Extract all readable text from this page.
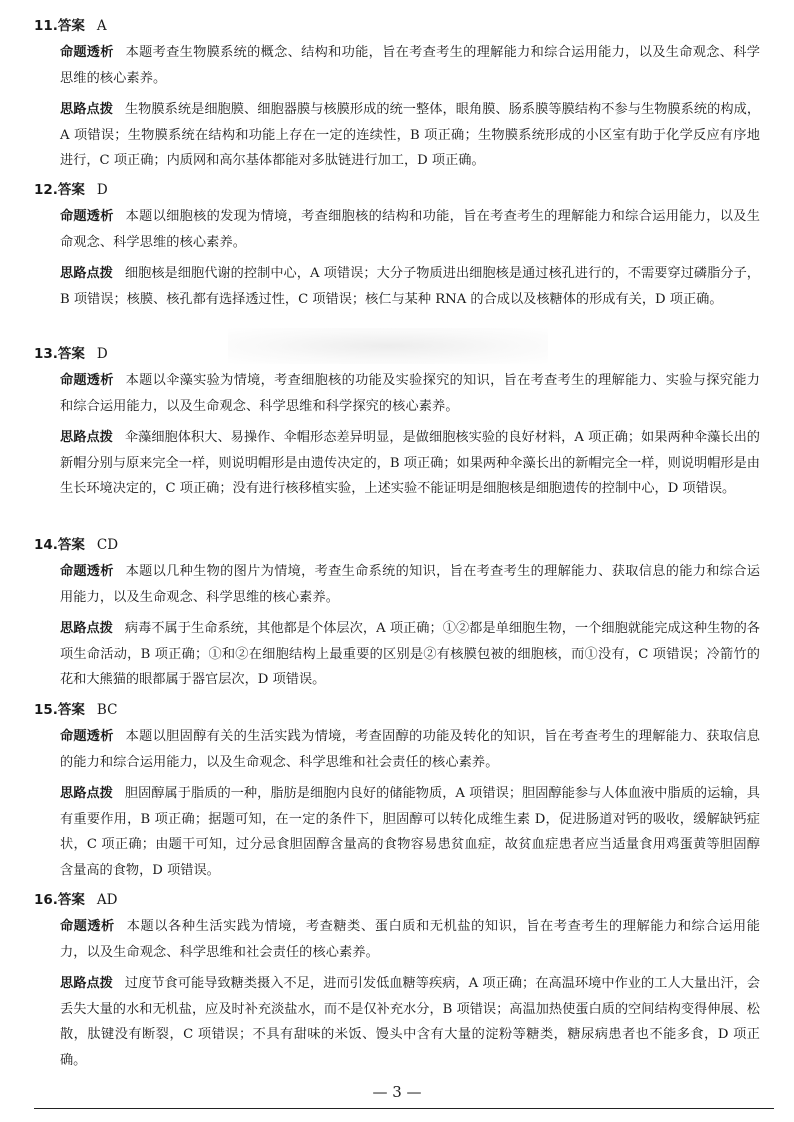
11.答案 A
命题透析 本题考查生物膜系统的概念、结构和功能，旨在考查考生的理解能力和综合运用能力，以及生命观念、科学思维的核心素养。
思路点拨 生物膜系统是细胞膜、细胞器膜与核膜形成的统一整体，眼角膜、肠系膜等膜结构不参与生物膜系统的构成，A 项错误；生物膜系统在结构和功能上存在一定的连续性，B 项正确；生物膜系统形成的小区室有助于化学反应有序地进行，C 项正确；内质网和高尔基体都能对多肽链进行加工，D 项正确。
12.答案 D
命题透析 本题以细胞核的发现为情境，考查细胞核的结构和功能，旨在考查考生的理解能力和综合运用能力，以及生命观念、科学思维的核心素养。
思路点拨 细胞核是细胞代谢的控制中心，A 项错误；大分子物质进出细胞核是通过核孔进行的，不需要穿过磷脂分子，B 项错误；核膜、核孔都有选择透过性，C 项错误；核仁与某种 RNA 的合成以及核糖体的形成有关，D 项正确。
13.答案 D
命题透析 本题以伞藻实验为情境，考查细胞核的功能及实验探究的知识，旨在考查考生的理解能力、实验与探究能力和综合运用能力，以及生命观念、科学思维和科学探究的核心素养。
思路点拨 伞藻细胞体积大、易操作、伞帽形态差异明显，是做细胞核实验的良好材料，A 项正确；如果两种伞藻长出的新帽分别与原来完全一样，则说明帽形是由遗传决定的，B 项正确；如果两种伞藻长出的新帽完全一样，则说明帽形是由生长环境决定的，C 项正确；没有进行核移植实验，上述实验不能证明是细胞核是细胞遗传的控制中心，D 项错误。
14.答案 CD
命题透析 本题以几种生物的图片为情境，考查生命系统的知识，旨在考查考生的理解能力、获取信息的能力和综合运用能力，以及生命观念、科学思维的核心素养。
思路点拨 病毒不属于生命系统，其他都是个体层次，A 项正确；①②都是单细胞生物，一个细胞就能完成这种生物的各项生命活动，B 项正确；①和②在细胞结构上最重要的区别是②有核膜包被的细胞核，而①没有，C 项错误；冷箭竹的花和大熊猫的眼都属于器官层次，D 项错误。
15.答案 BC
命题透析 本题以胆固醇有关的生活实践为情境，考查固醇的功能及转化的知识，旨在考查考生的理解能力、获取信息的能力和综合运用能力，以及生命观念、科学思维和社会责任的核心素养。
思路点拨 胆固醇属于脂质的一种，脂肪是细胞内良好的储能物质，A 项错误；胆固醇能参与人体血液中脂质的运输，具有重要作用，B 项正确；据题可知，在一定的条件下，胆固醇可以转化成维生素 D，促进肠道对钙的吸收，缓解缺钙症状，C 项正确；由题干可知，过分忌食胆固醇含量高的食物容易患贫血症，故贫血症患者应当适量食用鸡蛋黄等胆固醇含量高的食物，D 项错误。
16.答案 AD
命题透析 本题以各种生活实践为情境，考查糖类、蛋白质和无机盐的知识，旨在考查考生的理解能力和综合运用能力，以及生命观念、科学思维和社会责任的核心素养。
思路点拨 过度节食可能导致糖类摄入不足，进而引发低血糖等疾病，A 项正确；在高温环境中作业的工人大量出汗，会丢失大量的水和无机盐，应及时补充淡盐水，而不是仅补充水分，B 项错误；高温加热使蛋白质的空间结构变得伸展、松散，肽键没有断裂，C 项错误；不具有甜味的米饭、馒头中含有大量的淀粉等糖类，糖尿病患者也不能多食，D 项正确。
— 3 —
